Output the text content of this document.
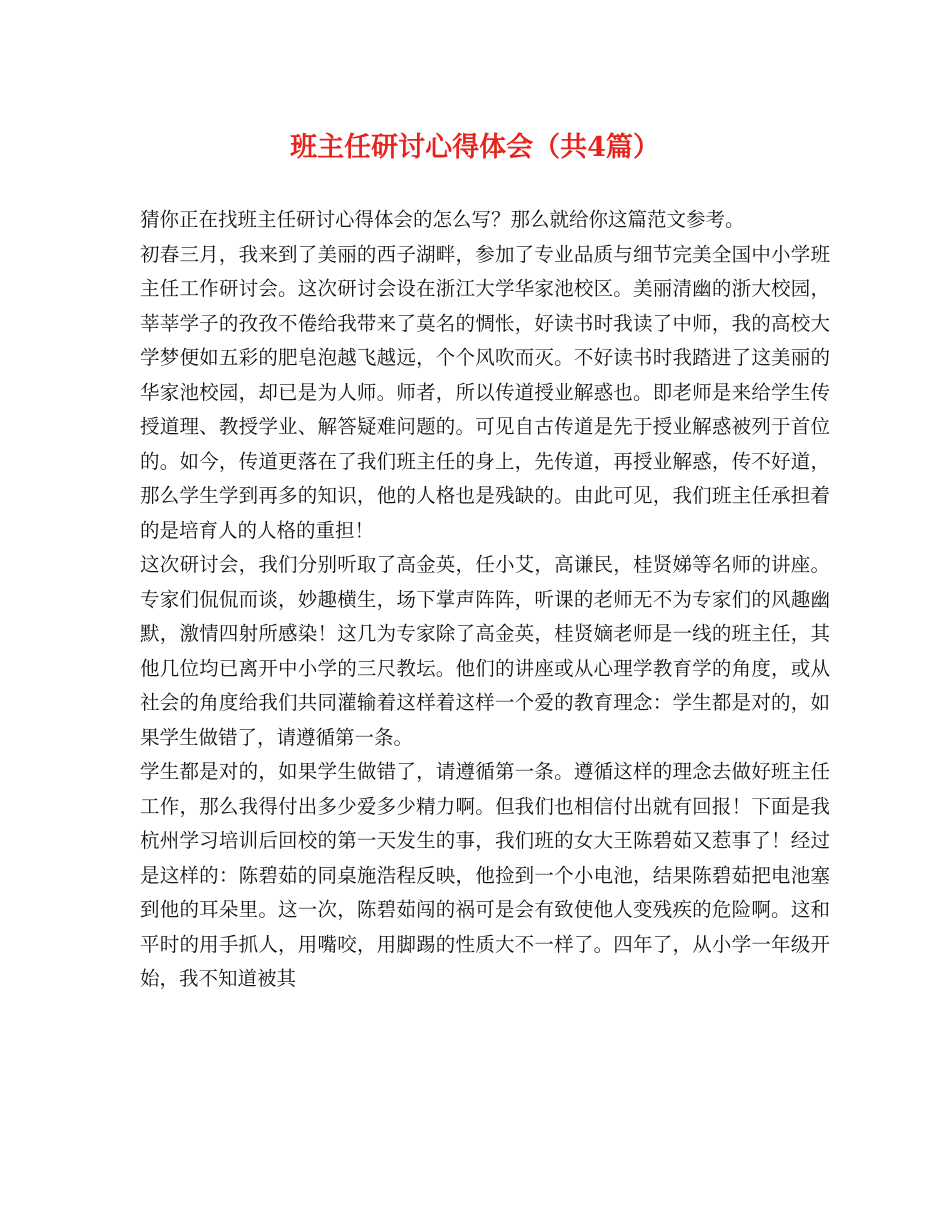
班主任研讨心得体会（共4篇）

猜你正在找班主任研讨心得体会的怎么写？那么就给你这篇范文参考。

初春三月，我来到了美丽的西子湖畔，参加了专业品质与细节完美全国中小学班主任工作研讨会。这次研讨会设在浙江大学华家池校区。美丽清幽的浙大校园，莘莘学子的孜孜不倦给我带来了莫名的惆怅，好读书时我读了中师，我的高校大学梦便如五彩的肥皂泡越飞越远，个个风吹而灭。不好读书时我踏进了这美丽的华家池校园，却已是为人师。师者，所以传道授业解惑也。即老师是来给学生传授道理、教授学业、解答疑难问题的。可见自古传道是先于授业解惑被列于首位的。如今，传道更落在了我们班主任的身上，先传道，再授业解惑，传不好道，那么学生学到再多的知识，他的人格也是残缺的。由此可见，我们班主任承担着的是培育人的人格的重担！

这次研讨会，我们分别听取了高金英，任小艾，高谦民，桂贤娣等名师的讲座。专家们侃侃而谈，妙趣横生，场下掌声阵阵，听课的老师无不为专家们的风趣幽默，激情四射所感染！这几为专家除了高金英，桂贤嫡老师是一线的班主任，其他几位均已离开中小学的三尺教坛。他们的讲座或从心理学教育学的角度，或从社会的角度给我们共同灌输着这样着这样一个爱的教育理念：学生都是对的，如果学生做错了，请遵循第一条。

学生都是对的，如果学生做错了，请遵循第一条。遵循这样的理念去做好班主任工作，那么我得付出多少爱多少精力啊。但我们也相信付出就有回报！下面是我杭州学习培训后回校的第一天发生的事，我们班的女大王陈碧茹又惹事了！经过是这样的：陈碧茹的同桌施浩程反映，他捡到一个小电池，结果陈碧茹把电池塞到他的耳朵里。这一次，陈碧茹闯的祸可是会有致使他人变残疾的危险啊。这和平时的用手抓人，用嘴咬，用脚踢的性质大不一样了。四年了，从小学一年级开始，我不知道被其
